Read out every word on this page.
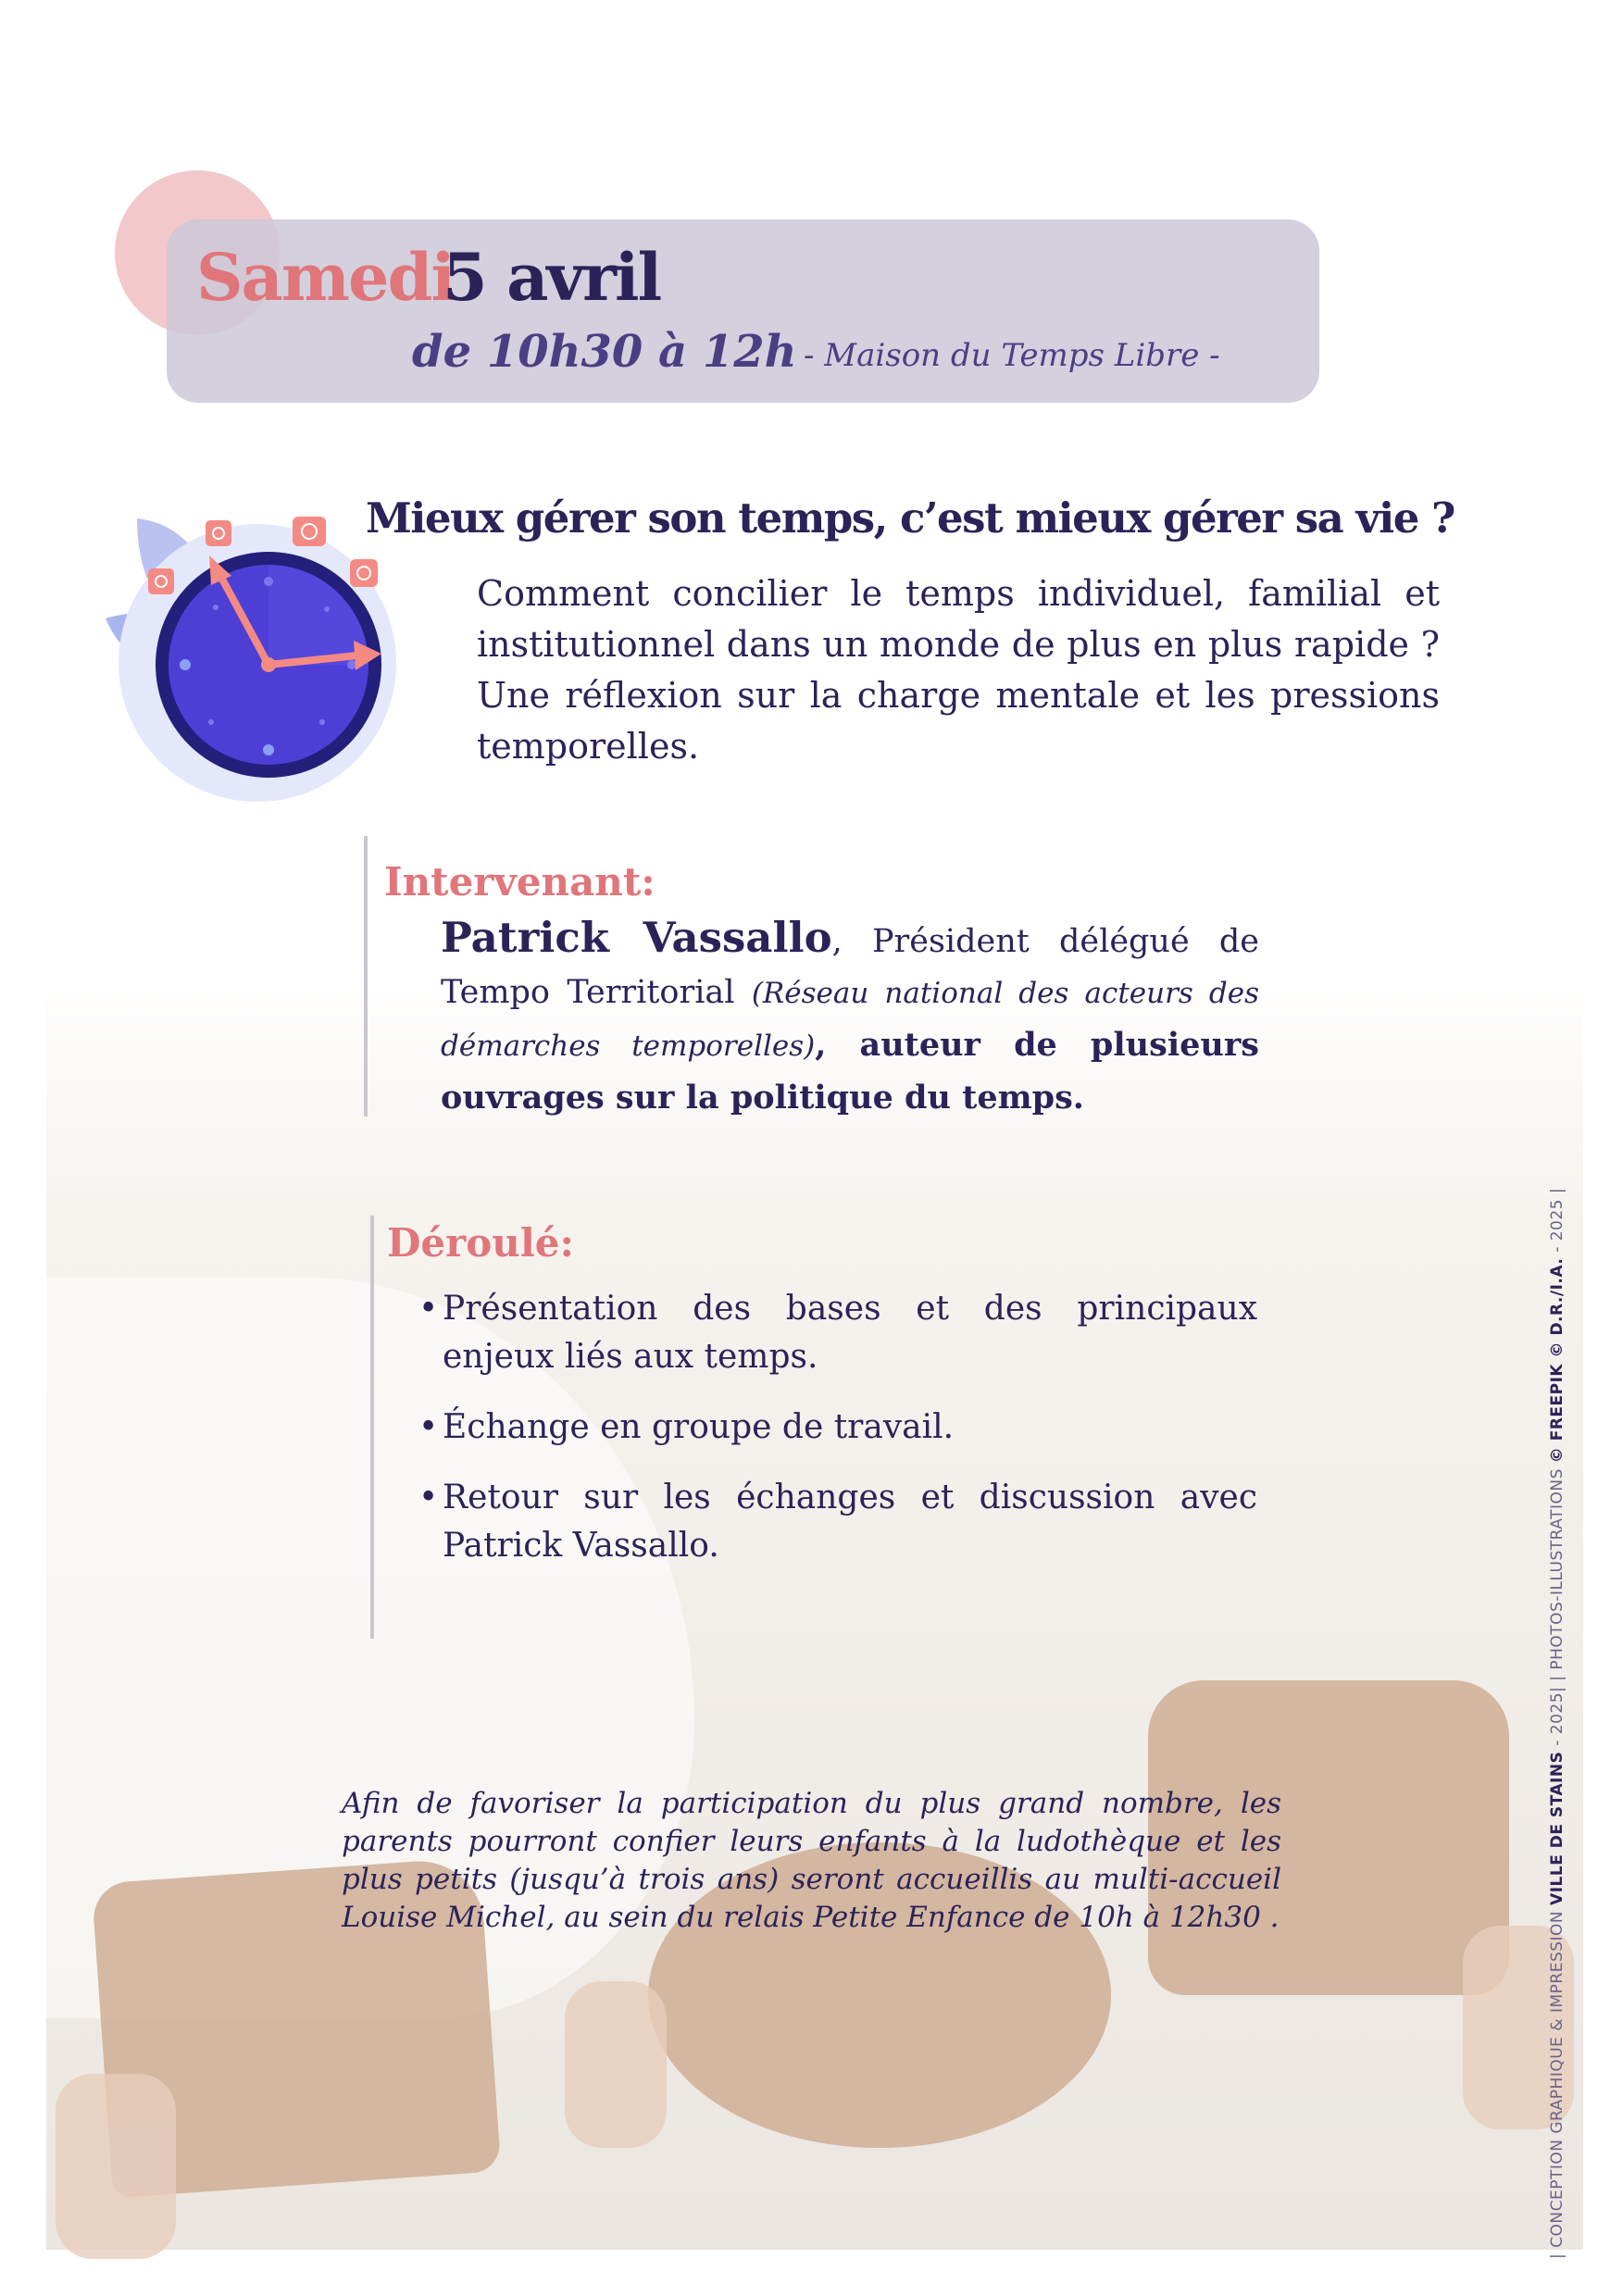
Samedi
5 avril
de 10h30 à 12h - Maison du Temps Libre -
Mieux gérer son temps, c’est mieux gérer sa vie ?
Comment concilier le temps individuel, familial et institutionnel dans un monde de plus en plus rapide ? Une réflexion sur la charge mentale et les pressions temporelles.
Intervenant:
Patrick Vassallo, Président délégué de Tempo Territorial (Réseau national des acteurs des démarches temporelles), auteur de plusieurs ouvrages sur la politique du temps.
Déroulé:
• Présentation des bases et des principaux enjeux liés aux temps.
• Échange en groupe de travail.
• Retour sur les échanges et discussion avec Patrick Vassallo.
Afin de favoriser la participation du plus grand nombre, les parents pourront confier leurs enfants à la ludothèque et les plus petits (jusqu’à trois ans) seront accueillis au multi-accueil Louise Michel, au sein du relais Petite Enfance de 10h à 12h30 .	| CONCEPTION GRAPHIQUE & IMPRESSION VILLE DE STAINS - 2025| | PHOTOS-ILLUSTRATIONS © FREEPIK © D.R./I.A. - 2025 |
